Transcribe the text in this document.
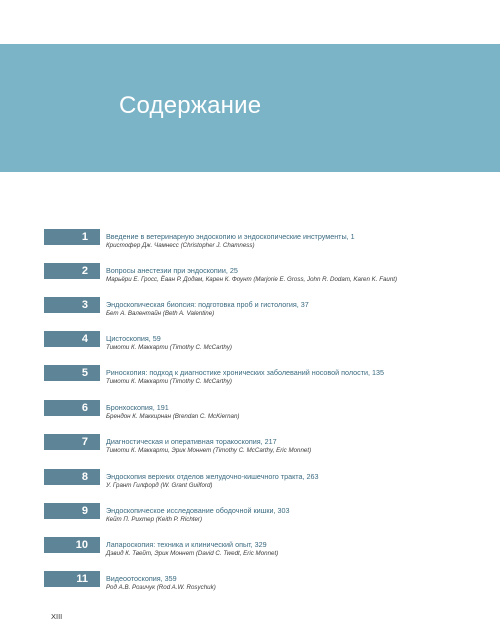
Содержание
1	Введение в ветеринарную эндоскопию и эндоскопические инструменты, 1
Кристофер Дж. Чамнесс (Christopher J. Chamness)
2	Вопросы анестезии при эндоскопии, 25
Марьёри Е. Гросс, Ёаан Р. Додам, Карен К. Фоунт (Marjorie E. Gross, John R. Dodam, Karen K. Faunt)
3	Эндоскопическая биопсия: подготовка проб и гистология, 37
Бет А. Валентайн (Beth A. Valentine)
4	Цистоскопия, 59
Тимоти К. Маккарти (Timothy C. McCarthy)
5	Риноскопия: подход к диагностике хронических заболеваний носовой полости, 135
Тимоти К. Маккарти (Timothy C. McCarthy)
6	Бронхоскопия, 191
Брендон К. Маккирнан (Brendan C. McKiernan)
7	Диагностическая и оперативная торакоскопия, 217
Тимоти К. Маккарти, Эрик Моннет (Timothy C. McCarthy, Eric Monnet)
8	Эндоскопия верхних отделов желудочно-кишечного тракта, 263
У. Грант Гилфорд (W. Grant Guilford)
9	Эндоскопическое исследование ободочной кишки, 303
Кейт П. Рихтер (Keith P. Richter)
10	Лапароскопия: техника и клинический опыт, 329
Дэвид К. Твейт, Эрик Моннет (David C. Twedt, Eric Monnet)
11	Видеоотоскопия, 359
Род А.В. Розичук (Rod A.W. Rosychuk)
XIII
